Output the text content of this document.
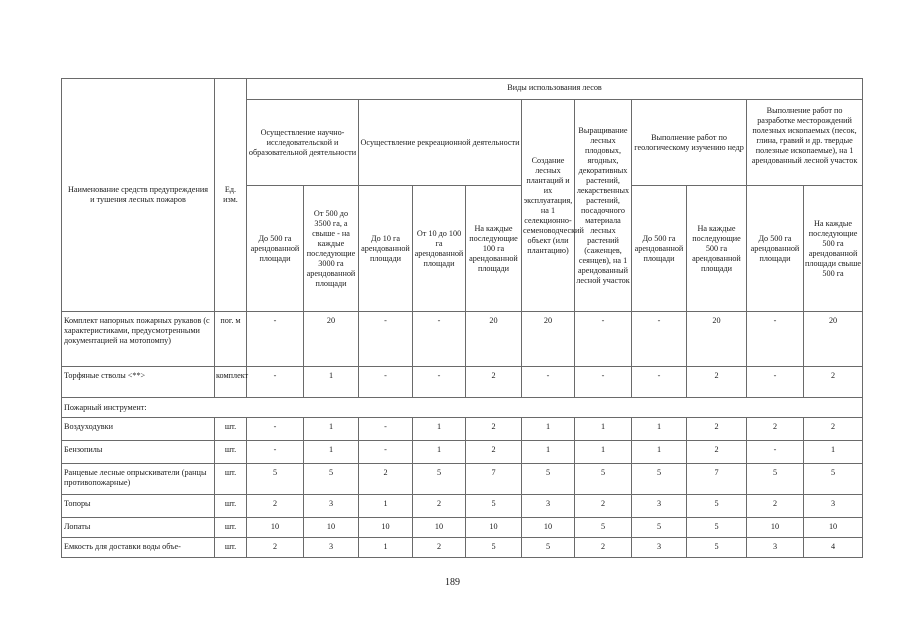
Наименование средств предупреждения и тушения лесных пожаров	Ед. изм.	Виды использования лесов										
		Осуществление научно-исследовательской и образовательной деятельности		Осуществление рекреационной деятельности			Создание лесных плантаций и их эксплуатация, на 1 селекционно-семеноводческий объект (или плантацию)	Выращивание лесных плодовых, ягодных, декоративных растений, лекарственных растений, посадочного материала лесных растений (саженцев, сеянцев), на 1 арендованный лесной участок	Выполнение работ по геологическому изучению недр		Выполнение работ по разработке месторождений полезных ископаемых (песок, глина, гравий и др. твердые полезные ископаемые), на 1 арендованный лесной участок	
		До 500 га арендованной площади	От 500 до 3500 га, а свыше - на каждые последующие 3000 га арендованной площади	До 10 га арендованной площади	От 10 до 100 га арендованной площади	На каждые последующие 100 га арендованной площади			До 500 га арендованной площади	На каждые последующие 500 га арендованной площади	До 500 га арендованной площади	На каждые последующие 500 га арендованной площади свыше 500 га
Комплект напорных пожарных рукавов (с характеристиками, предусмотренными документацией на мотопомпу)	пог. м	-	20	-	-	20	20	-	-	20	-	20
Торфяные стволы <**>	комплект	-	1	-	-	2	-	-	-	2	-	2
Пожарный инструмент:												
Воздуходувки	шт.	-	1	-	1	2	1	1	1	2	2	2
Бензопилы	шт.	-	1	-	1	2	1	1	1	2	-	1
Ранцевые лесные опрыскиватели (ранцы противопожарные)	шт.	5	5	2	5	7	5	5	5	7	5	5
Топоры	шт.	2	3	1	2	5	3	2	3	5	2	3
Лопаты	шт.	10	10	10	10	10	10	5	5	5	10	10
Емкость для доставки воды объе-	шт.	2	3	1	2	5	5	2	3	5	3	4
189
